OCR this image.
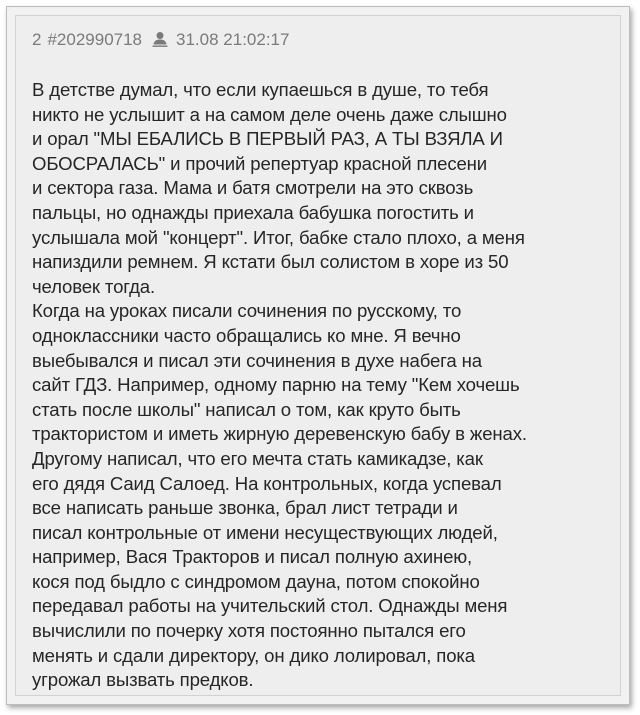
2 #202990718 31.08 21:02:17
В детстве думал, что если купаешься в душе, то тебя
никто не услышит а на самом деле очень даже слышно
и орал "МЫ ЕБАЛИСЬ В ПЕРВЫЙ РАЗ, А ТЫ ВЗЯЛА И
ОБОСРАЛАСЬ" и прочий репертуар красной плесени
и сектора газа. Мама и батя смотрели на это сквозь
пальцы, но однажды приехала бабушка погостить и
услышала мой "концерт". Итог, бабке стало плохо, а меня
напиздили ремнем. Я кстати был солистом в хоре из 50
человек тогда.
Когда на уроках писали сочинения по русскому, то
одноклассники часто обращались ко мне. Я вечно
выебывался и писал эти сочинения в духе набега на
сайт ГДЗ. Например, одному парню на тему "Кем хочешь
стать после школы" написал о том, как круто быть
трактористом и иметь жирную деревенскую бабу в женах.
Другому написал, что его мечта стать камикадзе, как
его дядя Саид Салоед. На контрольных, когда успевал
все написать раньше звонка, брал лист тетради и
писал контрольные от имени несуществующих людей,
например, Вася Тракторов и писал полную ахинею,
кося под быдло с синдромом дауна, потом спокойно
передавал работы на учительский стол. Однажды меня
вычислили по почерку хотя постоянно пытался его
менять и сдали директору, он дико лолировал, пока
угрожал вызвать предков.
